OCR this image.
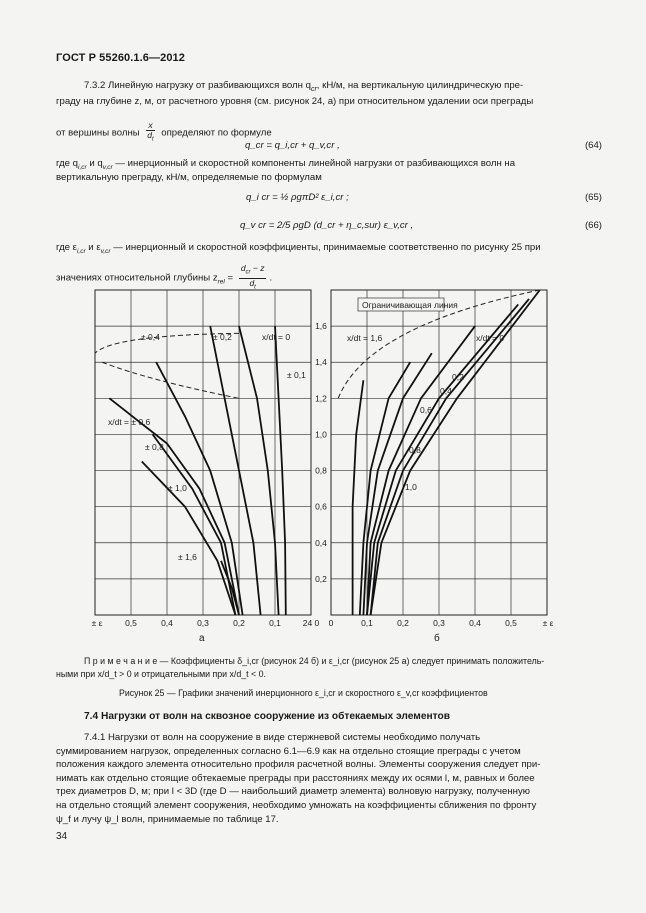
ГОСТ Р 55260.1.6—2012
7.3.2 Линейную нагрузку от разбивающихся волн $q_{cr}$, кН/м, на вертикальную цилиндрическую пре-
граду на глубине z, м, от расчетного уровня (см. рисунок 24, а) при относительном удалении оси преграды
от вершины волны $\frac{x}{d_t}$ определяют по формуле
q_cr = q_i,cr + q_v,cr ,	(64)
где $q_{i,cr}$ и $q_{v,cr}$ — инерционный и скоростной компоненты линейной нагрузки от разбивающихся волн на
вертикальную преграду, кН/м, определяемые по формулам
q_i cr = ½ ρgπD² ε_i,cr ;	(65)
q_v cr = 2/5 ρgD (d_cr + η_c,sur) ε_v,cr ,	(66)
где $\varepsilon_{i,cr}$ и $\varepsilon_{v,cr}$ — инерционный и скоростной коэффициенты, принимаемые соответственно по рисунку 25 при
значениях относительной глубины $z_{rel}$ =
$d_{cr} - z$
$d_t$
.
0,2
0,4
0,6
0,8
1,0
1,2
1,4
1,6
0,5	0,4	0,3	0,2	0,1
± ε	24 0	0,1	0,2	0,3	0,4	0,5	± ε
0
x/dt = 0
± 0,1
± 0,2
± 0,4
x/dt = ± 0,6
± 0,8
± 1,0
± 1,6
x/dt = 0
0,2
0,4
0,6
0,8
1,0
x/dt = 1,6
Ограничивающая линия
а	б
П р и м е ч а н и е — Коэффициенты δ_i,cr (рисунок 24 б) и ε_i,cr (рисунок 25 а) следует принимать положитель-
ными при x/d_t > 0 и отрицательными при x/d_t < 0.
Рисунок 25 — Графики значений инерционного ε_i,cr и скоростного ε_v,cr коэффициентов
7.4 Нагрузки от волн на сквозное сооружение из обтекаемых элементов
7.4.1 Нагрузки от волн на сооружение в виде стержневой системы необходимо получать
суммированием нагрузок, определенных согласно 6.1—6.9 как на отдельно стоящие преграды с учетом
положения каждого элемента относительно профиля расчетной волны. Элементы сооружения следует при-
нимать как отдельно стоящие обтекаемые преграды при расстояниях между их осями l, м, равных и более
трех диаметров D, м; при l < 3D (где D — наибольший диаметр элемента) волновую нагрузку, полученную
на отдельно стоящий элемент сооружения, необходимо умножать на коэффициенты сближения по фронту
ψ_f и лучу ψ_l волн, принимаемые по таблице 17.
34
